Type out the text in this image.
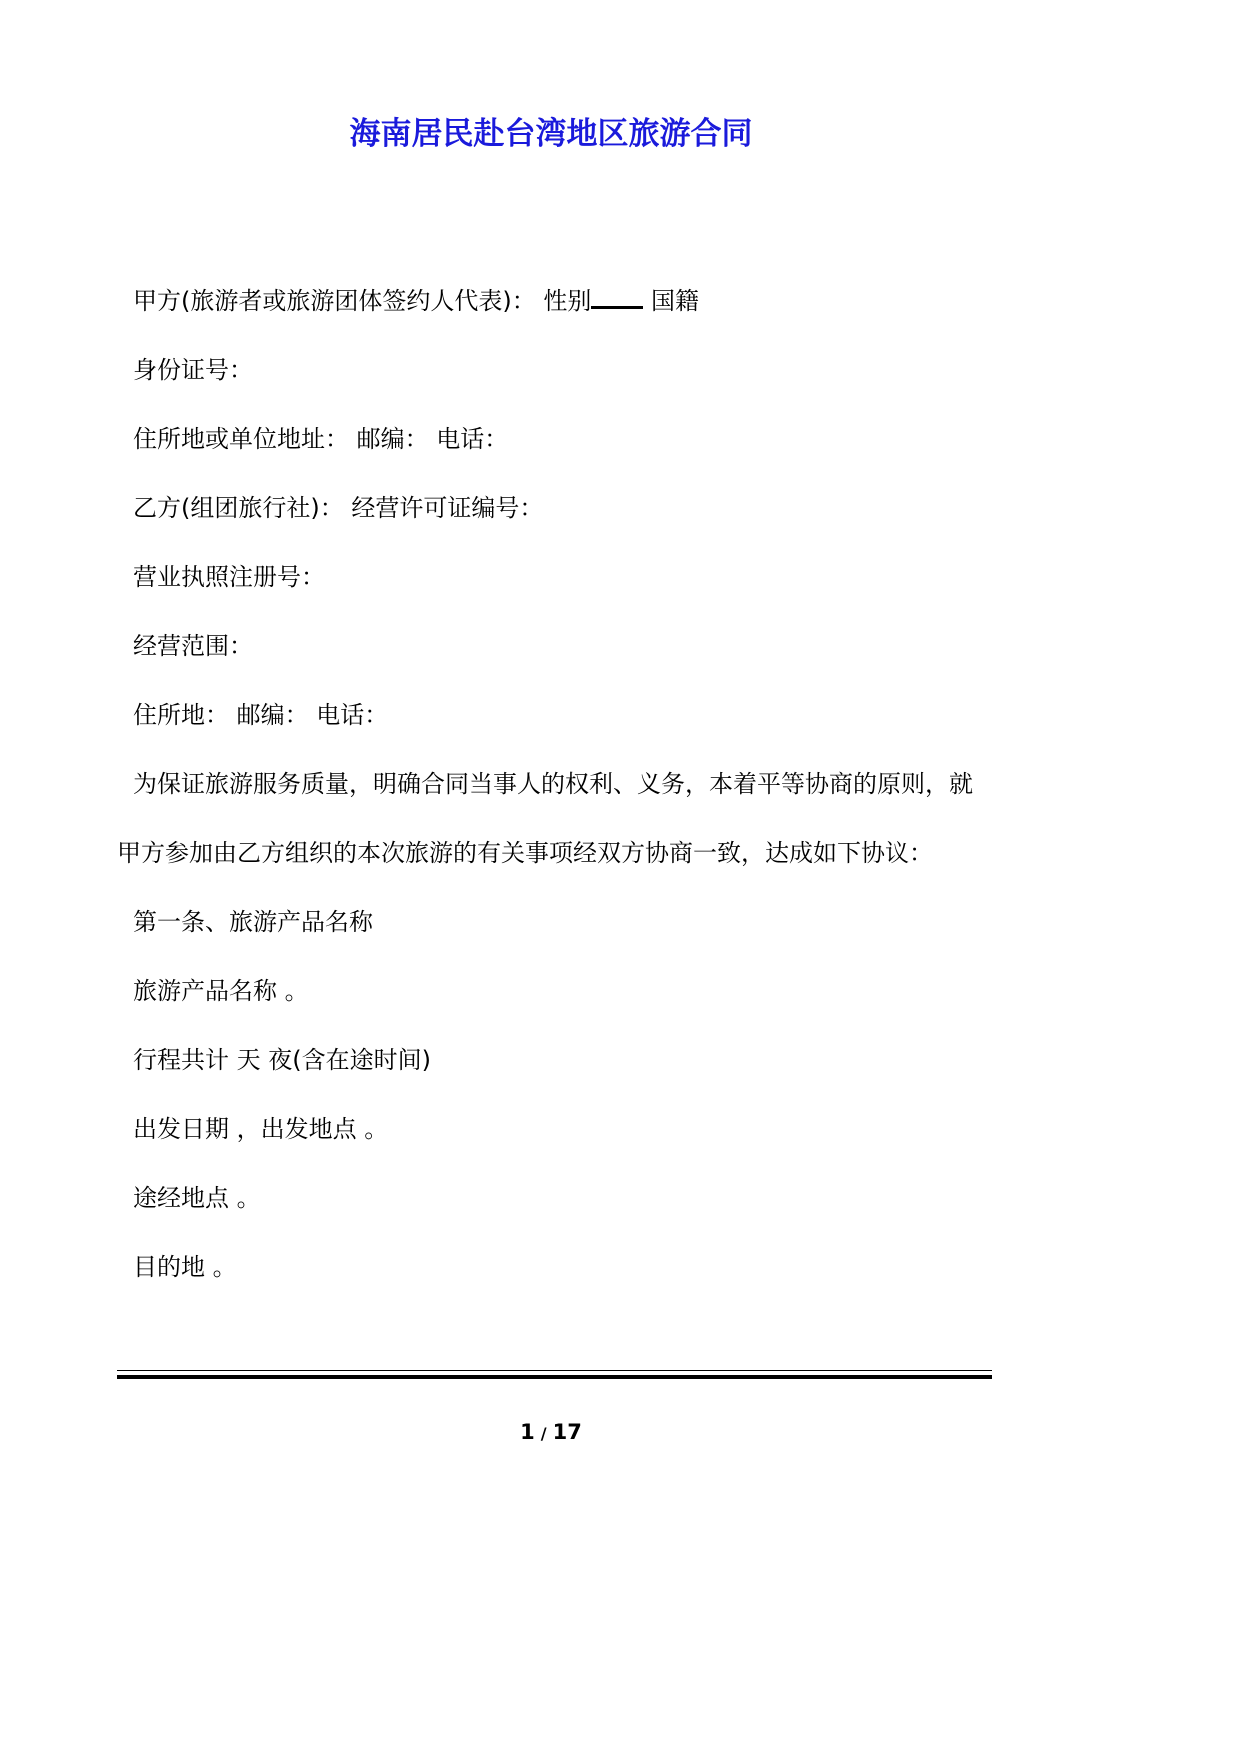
海南居民赴台湾地区旅游合同

甲方(旅游者或旅游团体签约人代表)： 性别 国籍

身份证号：

住所地或单位地址： 邮编： 电话：

乙方(组团旅行社)： 经营许可证编号：

营业执照注册号：

经营范围：

住所地： 邮编： 电话：

为保证旅游服务质量，明确合同当事人的权利、义务，本着平等协商的原则，就甲方参加由乙方组织的本次旅游的有关事项经双方协商一致，达成如下协议：

第一条、旅游产品名称

旅游产品名称 。

行程共计 天 夜(含在途时间)

出发日期 ，出发地点 。

途经地点 。

目的地 。

1 / 17
